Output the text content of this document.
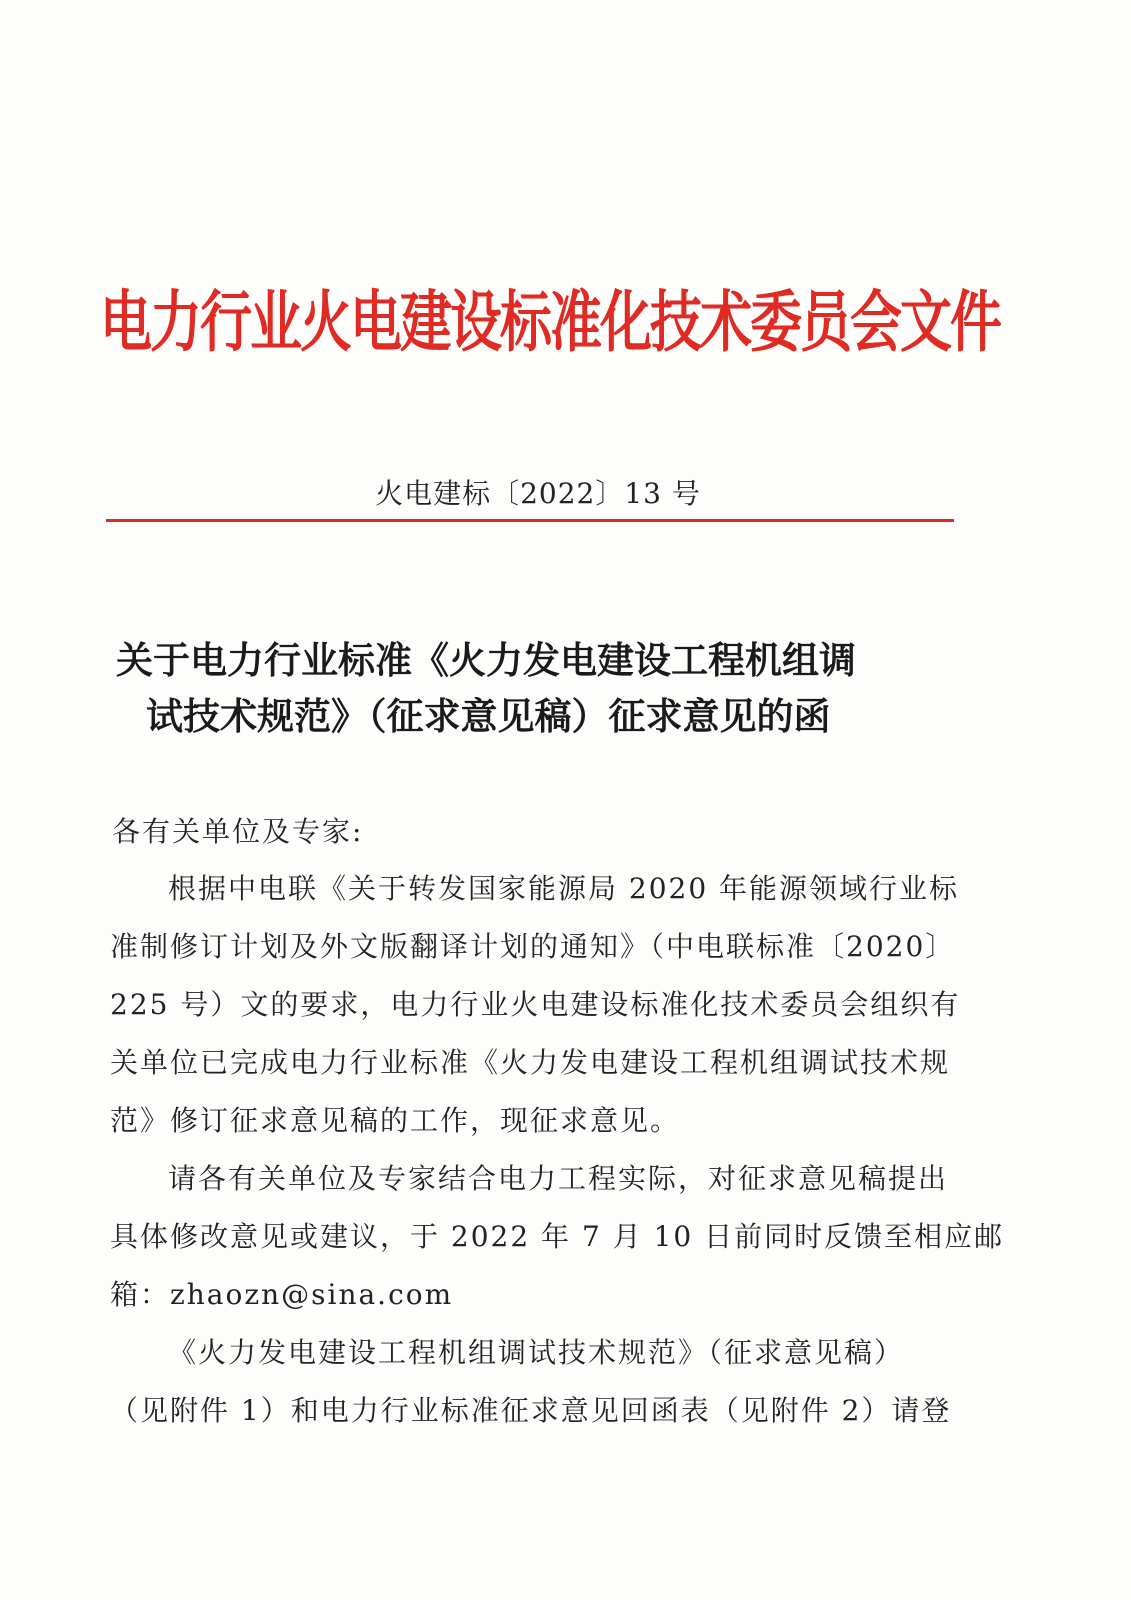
电力行业火电建设标准化技术委员会文件
火电建标〔2022〕13 号
关于电力行业标准《火力发电建设工程机组调
试技术规范》（征求意见稿）征求意见的函
各有关单位及专家:
根据中电联《关于转发国家能源局 2020 年能源领域行业标
准制修订计划及外文版翻译计划的通知》（中电联标准〔2020〕
225 号）文的要求，电力行业火电建设标准化技术委员会组织有
关单位已完成电力行业标准《火力发电建设工程机组调试技术规
范》修订征求意见稿的工作，现征求意见。
请各有关单位及专家结合电力工程实际，对征求意见稿提出
具体修改意见或建议，于 2022 年 7 月 10 日前同时反馈至相应邮
箱：zhaozn@sina.com
《火力发电建设工程机组调试技术规范》（征求意见稿）
（见附件 1）和电力行业标准征求意见回函表（见附件 2）请登
